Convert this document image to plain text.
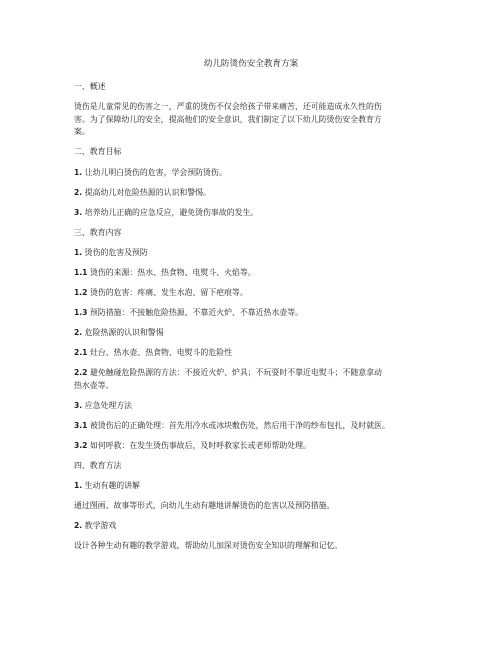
幼儿防烫伤安全教育方案
一、概述
烫伤是儿童常见的伤害之一，严重的烫伤不仅会给孩子带来痛苦，还可能造成永久性的伤
害。为了保障幼儿的安全，提高他们的安全意识，我们制定了以下幼儿防烫伤安全教育方
案。
二、教育目标
1. 让幼儿明白烫伤的危害，学会预防烫伤。
2. 提高幼儿对危险热源的认识和警惕。
3. 培养幼儿正确的应急反应，避免烫伤事故的发生。
三、教育内容
1. 烫伤的危害及预防
1.1 烫伤的来源：热水、热食物、电熨斗、火焰等。
1.2 烫伤的危害：疼痛、发生水泡、留下疤痕等。
1.3 预防措施：不接触危险热源、不靠近火炉、不靠近热水壶等。
2. 危险热源的认识和警惕
2.1 灶台、热水壶、热食物、电熨斗的危险性
2.2 避免触碰危险热源的方法：不接近火炉、炉具；不玩耍时不靠近电熨斗；不随意拿动
热水壶等。
3. 应急处理方法
3.1 被烫伤后的正确处理：首先用冷水或冰块敷伤处，然后用干净的纱布包扎，及时就医。
3.2 如何呼救：在发生烫伤事故后，及时呼救家长或老师帮助处理。
四、教育方法
1. 生动有趣的讲解
通过图画、故事等形式，向幼儿生动有趣地讲解烫伤的危害以及预防措施。
2. 教学游戏
设计各种生动有趣的教学游戏，帮助幼儿加深对烫伤安全知识的理解和记忆。
